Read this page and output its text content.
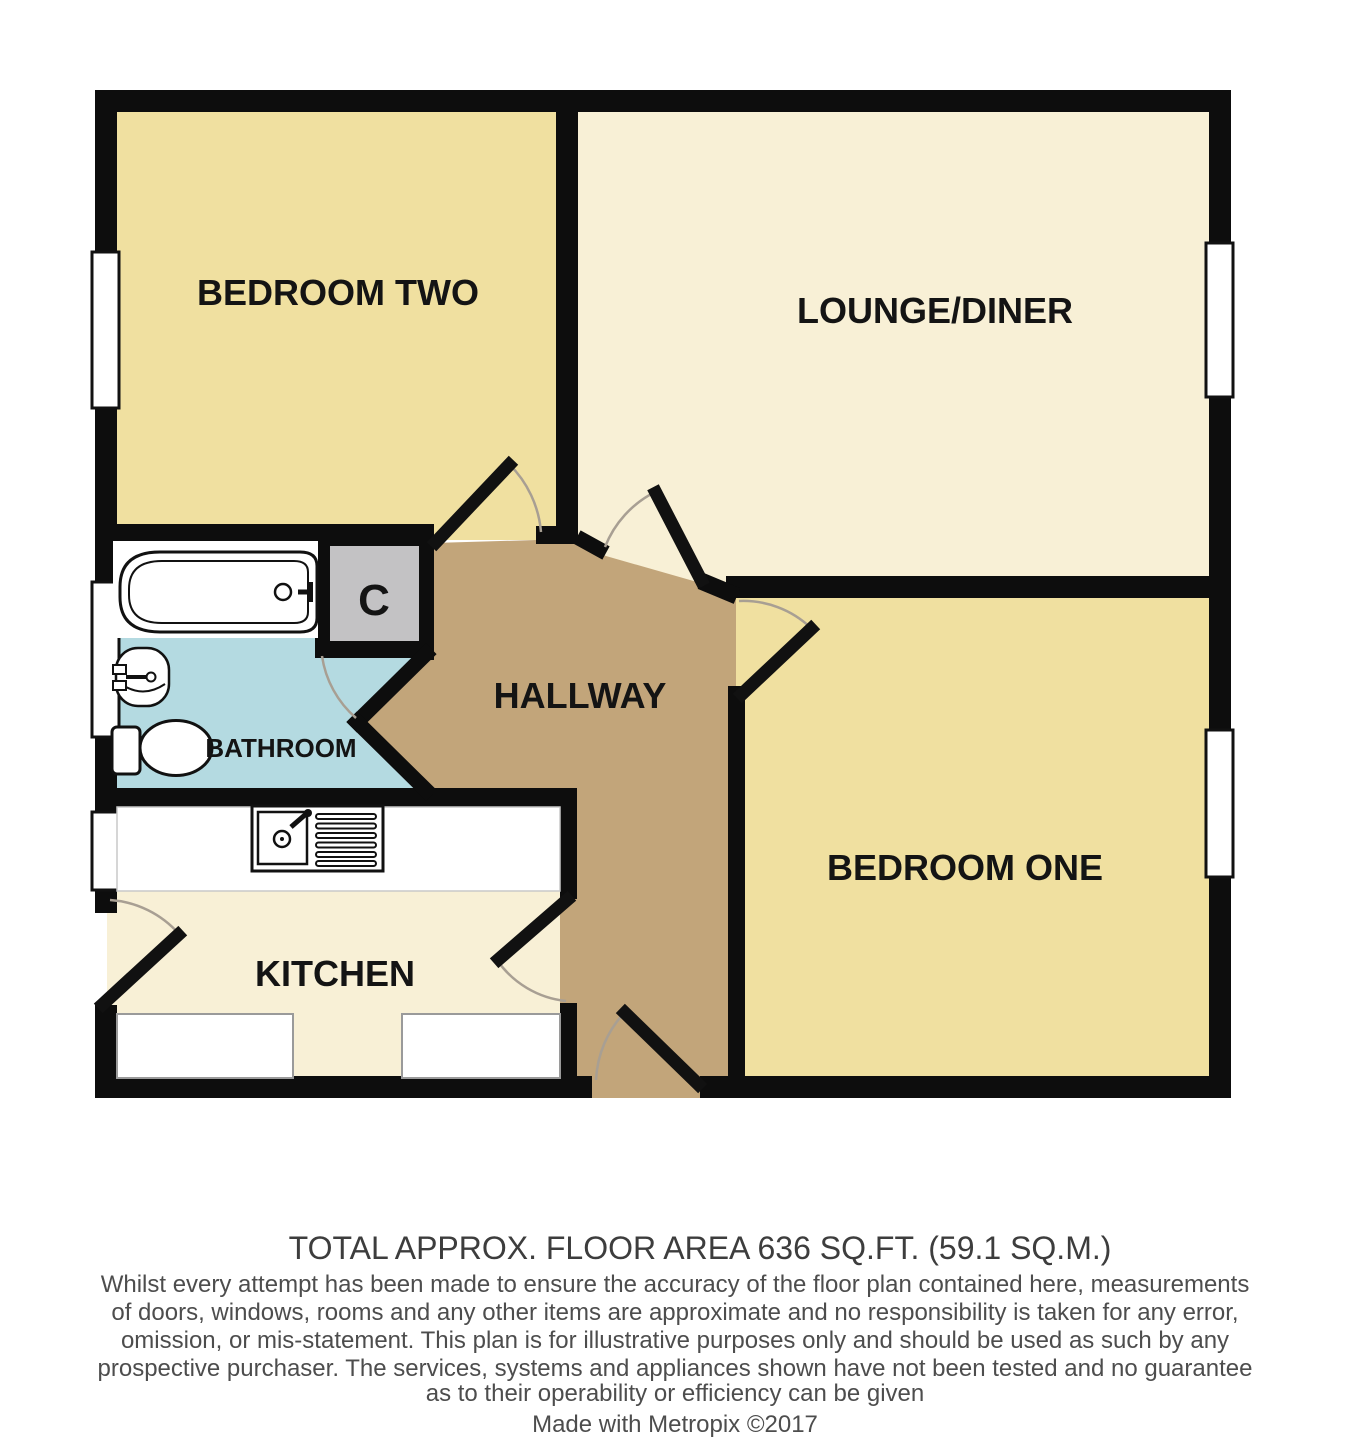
BEDROOM TWO	LOUNGE/DINER
HALLWAY
BEDROOM ONE
KITCHEN
BATHROOM
C
TOTAL APPROX. FLOOR AREA 636 SQ.FT. (59.1 SQ.M.)
Whilst every attempt has been made to ensure the accuracy of the floor plan contained here, measurements
of doors, windows, rooms and any other items are approximate and no responsibility is taken for any error,
omission, or mis-statement. This plan is for illustrative purposes only and should be used as such by any
prospective purchaser. The services, systems and appliances shown have not been tested and no guarantee
as to their operability or efficiency can be given
Made with Metropix ©2017
